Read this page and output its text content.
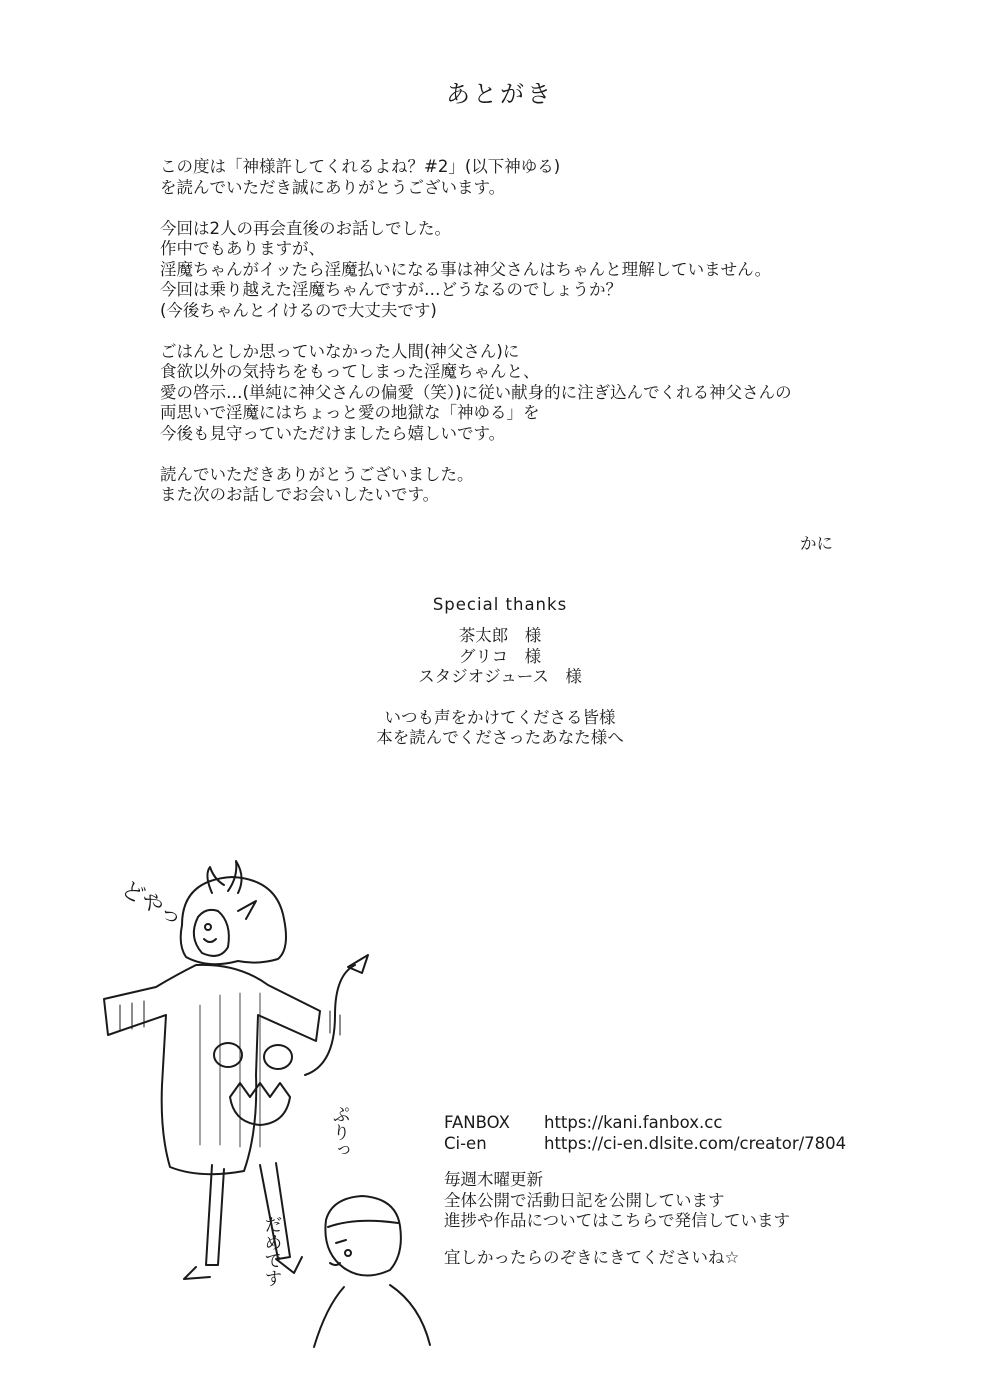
あとがき
この度は「神様許してくれるよね？#2」(以下神ゆる)
を読んでいただき誠にありがとうございます。
今回は2人の再会直後のお話しでした。
作中でもありますが、
淫魔ちゃんがイッたら淫魔払いになる事は神父さんはちゃんと理解していません。
今回は乗り越えた淫魔ちゃんですが…どうなるのでしょうか？
(今後ちゃんとイけるので大丈夫です)
ごはんとしか思っていなかった人間(神父さん)に
食欲以外の気持ちをもってしまった淫魔ちゃんと、
愛の啓示…(単純に神父さんの偏愛（笑）)に従い献身的に注ぎ込んでくれる神父さんの
両思いで淫魔にはちょっと愛の地獄な「神ゆる」を
今後も見守っていただけましたら嬉しいです。
読んでいただきありがとうございました。
また次のお話しでお会いしたいです。
かに
Special thanks
茶太郎　様
グリコ　様
スタジオジュース　様
いつも声をかけてくださる皆様
本を読んでくださったあなた様へ
どやっ
ぷりっ
だめです
FANBOX	https://kani.fanbox.cc
Ci-en	https://ci-en.dlsite.com/creator/7804
毎週木曜更新
全体公開で活動日記を公開しています
進捗や作品についてはこちらで発信しています
宜しかったらのぞきにきてくださいね☆
